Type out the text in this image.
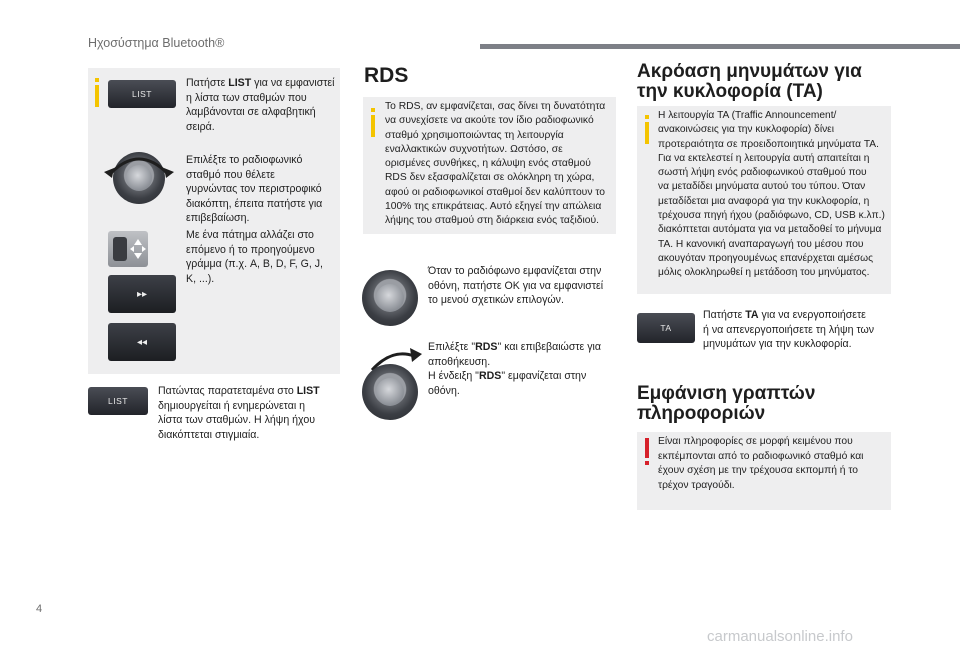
Ηχοσύστημα Bluetooth®
LIST
Πατήστε LIST για να εμφανιστεί
η λίστα των σταθμών που
λαμβάνονται σε αλφαβητική
σειρά.
Επιλέξτε το ραδιοφωνικό
σταθμό που θέλετε
γυρνώντας τον περιστροφικό
διακόπτη, έπειτα πατήστε για
επιβεβαίωση.
▸▸
◂◂
Με ένα πάτημα αλλάζει στο
επόμενο ή το προηγούμενο
γράμμα (π.χ. A, B, D, F, G, J,
K, ...).
LIST
Πατώντας παρατεταμένα στο LIST
δημιουργείται ή ενημερώνεται η
λίστα των σταθμών. Η λήψη ήχου
διακόπτεται στιγμιαία.
RDS
Το RDS, αν εμφανίζεται, σας δίνει τη δυνατότητα
να συνεχίσετε να ακούτε τον ίδιο ραδιοφωνικό
σταθμό χρησιμοποιώντας τη λειτουργία
εναλλακτικών συχνοτήτων. Ωστόσο, σε
ορισμένες συνθήκες, η κάλυψη ενός σταθμού
RDS δεν εξασφαλίζεται σε ολόκληρη τη χώρα,
αφού οι ραδιοφωνικοί σταθμοί δεν καλύπτουν το
100% της επικράτειας. Αυτό εξηγεί την απώλεια
λήψης του σταθμού στη διάρκεια ενός ταξιδιού.
Όταν το ραδιόφωνο εμφανίζεται στην
οθόνη, πατήστε OK για να εμφανιστεί
το μενού σχετικών επιλογών.
Επιλέξτε "RDS" και επιβεβαιώστε για
αποθήκευση.
Η ένδειξη "RDS" εμφανίζεται στην
οθόνη.
Ακρόαση μηνυμάτων για
την κυκλοφορία (TA)
Η λειτουργία TA (Traffic Announcement/
ανακοινώσεις για την κυκλοφορία) δίνει
προτεραιότητα σε προειδοποιητικά μηνύματα TA.
Για να εκτελεστεί η λειτουργία αυτή απαιτείται η
σωστή λήψη ενός ραδιοφωνικού σταθμού που
να μεταδίδει μηνύματα αυτού του τύπου. Όταν
μεταδίδεται μια αναφορά για την κυκλοφορία, η
τρέχουσα πηγή ήχου (ραδιόφωνο, CD, USB κ.λπ.)
διακόπτεται αυτόματα για να μεταδοθεί το μήνυμα
TA. Η κανονική αναπαραγωγή του μέσου που
ακουγόταν προηγουμένως επανέρχεται αμέσως
μόλις ολοκληρωθεί η μετάδοση του μηνύματος.
TA
Πατήστε TA για να ενεργοποιήσετε
ή να απενεργοποιήσετε τη λήψη των
μηνυμάτων για την κυκλοφορία.
Εμφάνιση γραπτών
πληροφοριών
Είναι πληροφορίες σε μορφή κειμένου που
εκπέμπονται από το ραδιοφωνικό σταθμό και
έχουν σχέση με την τρέχουσα εκπομπή ή το
τρέχον τραγούδι.
4
carmanualsonline.info
